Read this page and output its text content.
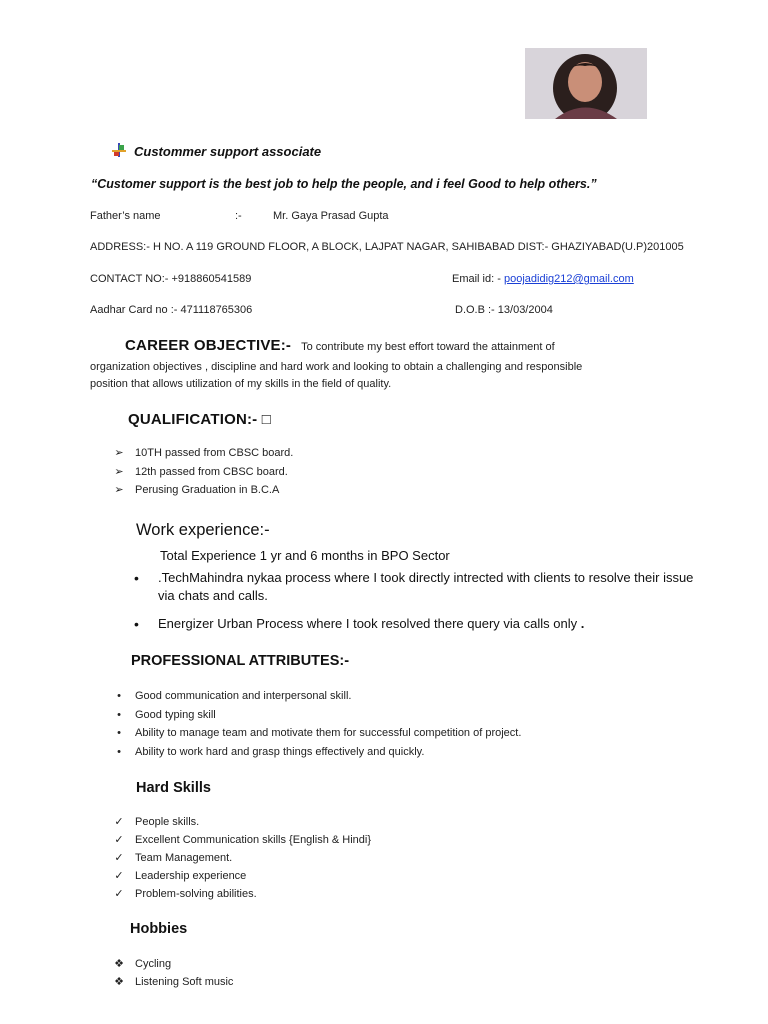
Custommer support associate
“Customer support is the best job to help the people, and i feel Good to help others.”
Father’s name	:-	Mr. Gaya Prasad Gupta
ADDRESS:- H NO. A 119 GROUND FLOOR, A BLOCK, LAJPAT NAGAR, SAHIBABAD DIST:- GHAZIYABAD(U.P)201005
CONTACT NO:- +918860541589	Email id: - poojadidig212@gmail.com
Aadhar Card no :- 471118765306	D.O.B :- 13/03/2004
CAREER OBJECTIVE:- To contribute my best effort toward the attainment of
organization objectives , discipline and hard work and looking to obtain a challenging and responsible
position that allows utilization of my skills in the field of quality.
QUALIFICATION:- □
➢	10TH passed from CBSC board.
➢	12th passed from CBSC board.
➢	Perusing Graduation in B.C.A
Work experience:-
Total Experience 1 yr and 6 months in BPO Sector
• .TechMahindra nykaa process where I took directly intrected with clients to resolve their issue via chats and calls.
• Energizer Urban Process where I took resolved there query via calls only .
PROFESSIONAL ATTRIBUTES:-
•	Good communication and interpersonal skill.
•	Good typing skill
•	Ability to manage team and motivate them for successful competition of project.
•	Ability to work hard and grasp things effectively and quickly.
Hard Skills
✓	People skills.
✓	Excellent Communication skills {English & Hindi}
✓	Team Management.
✓	Leadership experience
✓	Problem-solving abilities.
Hobbies
❖ Cycling
❖ Listening Soft music
